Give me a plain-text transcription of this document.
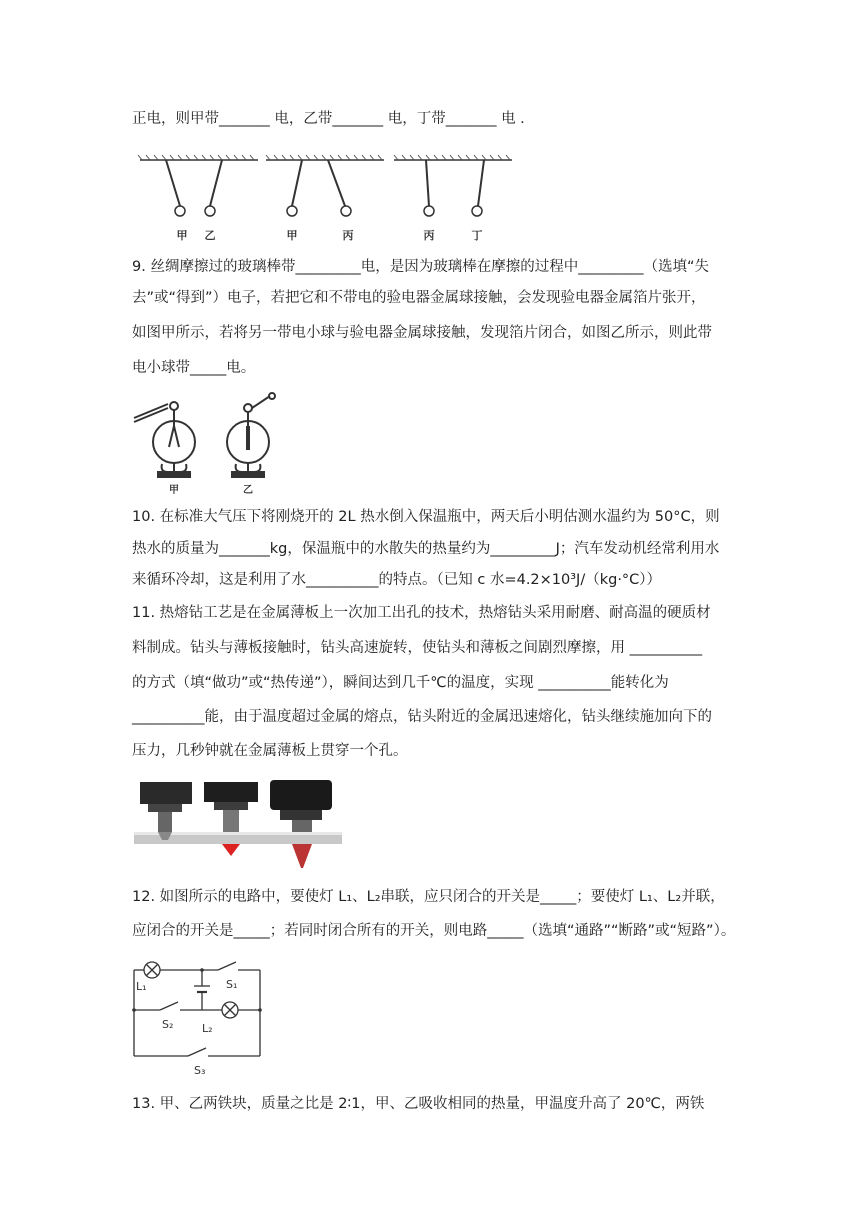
正电，则甲带_______ 电，乙带_______ 电，丁带_______ 电 .
甲 乙	甲	丙	丙	丁
9. 丝绸摩擦过的玻璃棒带_________电，是因为玻璃棒在摩擦的过程中_________（选填“失
去”或“得到”）电子，若把它和不带电的验电器金属球接触，会发现验电器金属箔片张开，
如图甲所示，若将另一带电小球与验电器金属球接触，发现箔片闭合，如图乙所示，则此带
电小球带_____电。
甲	乙
10. 在标准大气压下将刚烧开的 2L 热水倒入保温瓶中，两天后小明估测水温约为 50°C，则
热水的质量为_______kg，保温瓶中的水散失的热量约为_________J；汽车发动机经常利用水
来循环冷却，这是利用了水__________的特点。（已知 c 水=4.2×10³J/（kg·°C））
11. 热熔钻工艺是在金属薄板上一次加工出孔的技术，热熔钻头采用耐磨、耐高温的硬质材
料制成。钻头与薄板接触时，钻头高速旋转，使钻头和薄板之间剧烈摩擦，用 __________
的方式（填“做功”或“热传递”），瞬间达到几千℃的温度，实现 __________能转化为
__________能，由于温度超过金属的熔点，钻头附近的金属迅速熔化，钻头继续施加向下的
压力，几秒钟就在金属薄板上贯穿一个孔。
12. 如图所示的电路中，要使灯 L₁、L₂串联，应只闭合的开关是_____；要使灯 L₁、L₂并联，
应闭合的开关是_____；若同时闭合所有的开关，则电路_____（选填“通路”“断路”或“短路”）。
L₁	S₁
S₂	L₂
S₃
13. 甲、乙两铁块，质量之比是 2∶1，甲、乙吸收相同的热量，甲温度升高了 20℃，两铁
